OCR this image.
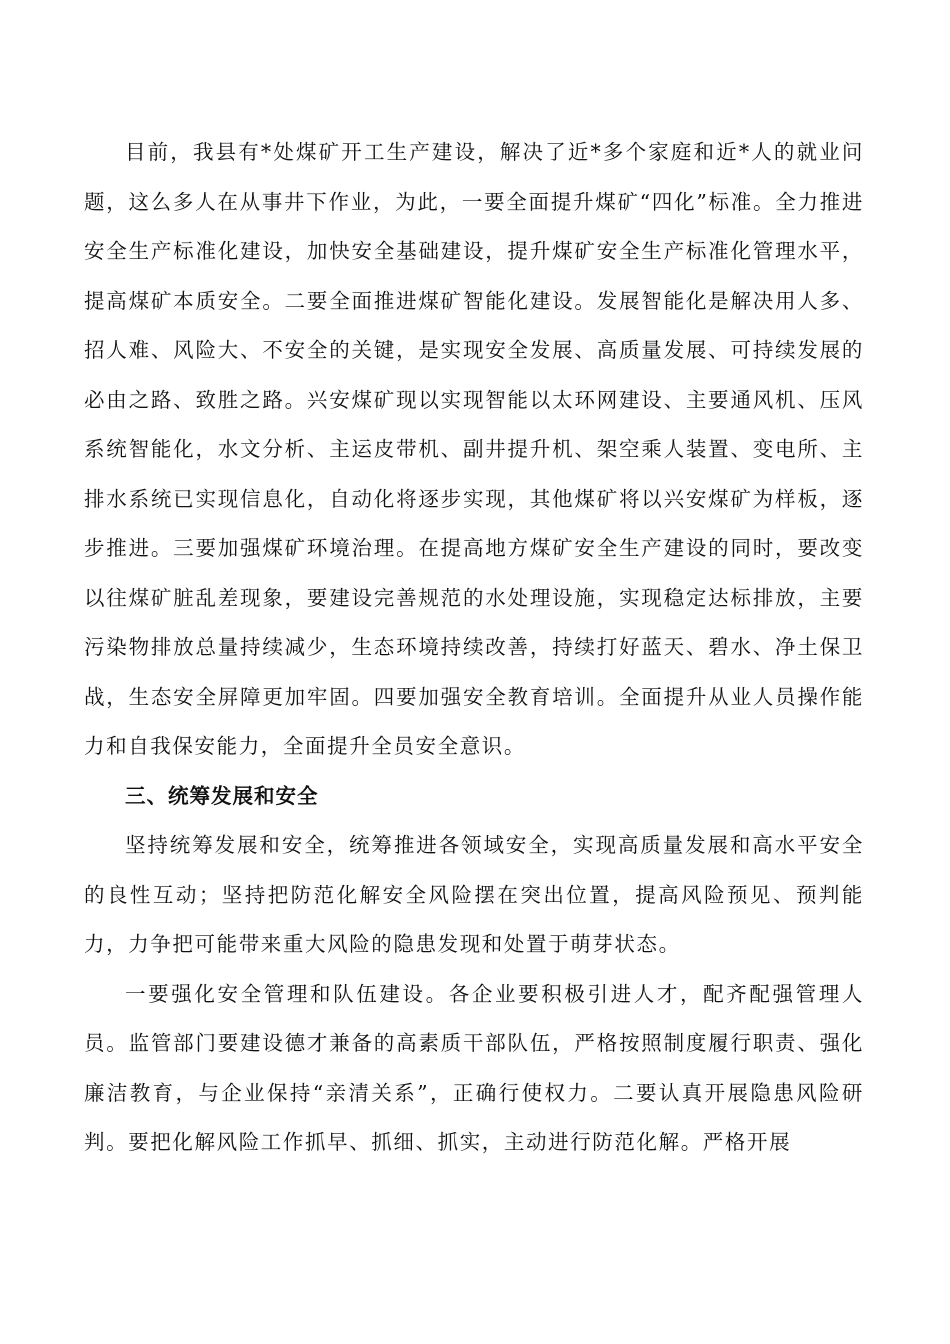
目前，我县有*处煤矿开工生产建设，解决了近*多个家庭和近*人的就业问题，这么多人在从事井下作业，为此，一要全面提升煤矿“四化”标准。全力推进安全生产标准化建设，加快安全基础建设，提升煤矿安全生产标准化管理水平，提高煤矿本质安全。二要全面推进煤矿智能化建设。发展智能化是解决用人多、招人难、风险大、不安全的关键，是实现安全发展、高质量发展、可持续发展的必由之路、致胜之路。兴安煤矿现以实现智能以太环网建设、主要通风机、压风系统智能化，水文分析、主运皮带机、副井提升机、架空乘人装置、变电所、主排水系统已实现信息化，自动化将逐步实现，其他煤矿将以兴安煤矿为样板，逐步推进。三要加强煤矿环境治理。在提高地方煤矿安全生产建设的同时，要改变以往煤矿脏乱差现象，要建设完善规范的水处理设施，实现稳定达标排放，主要污染物排放总量持续减少，生态环境持续改善，持续打好蓝天、碧水、净土保卫战，生态安全屏障更加牢固。四要加强安全教育培训。全面提升从业人员操作能力和自我保安能力，全面提升全员安全意识。

三、统筹发展和安全

坚持统筹发展和安全，统筹推进各领域安全，实现高质量发展和高水平安全的良性互动；坚持把防范化解安全风险摆在突出位置，提高风险预见、预判能力，力争把可能带来重大风险的隐患发现和处置于萌芽状态。

一要强化安全管理和队伍建设。各企业要积极引进人才，配齐配强管理人员。监管部门要建设德才兼备的高素质干部队伍，严格按照制度履行职责、强化廉洁教育，与企业保持“亲清关系”，正确行使权力。二要认真开展隐患风险研判。要把化解风险工作抓早、抓细、抓实，主动进行防范化解。严格开展
